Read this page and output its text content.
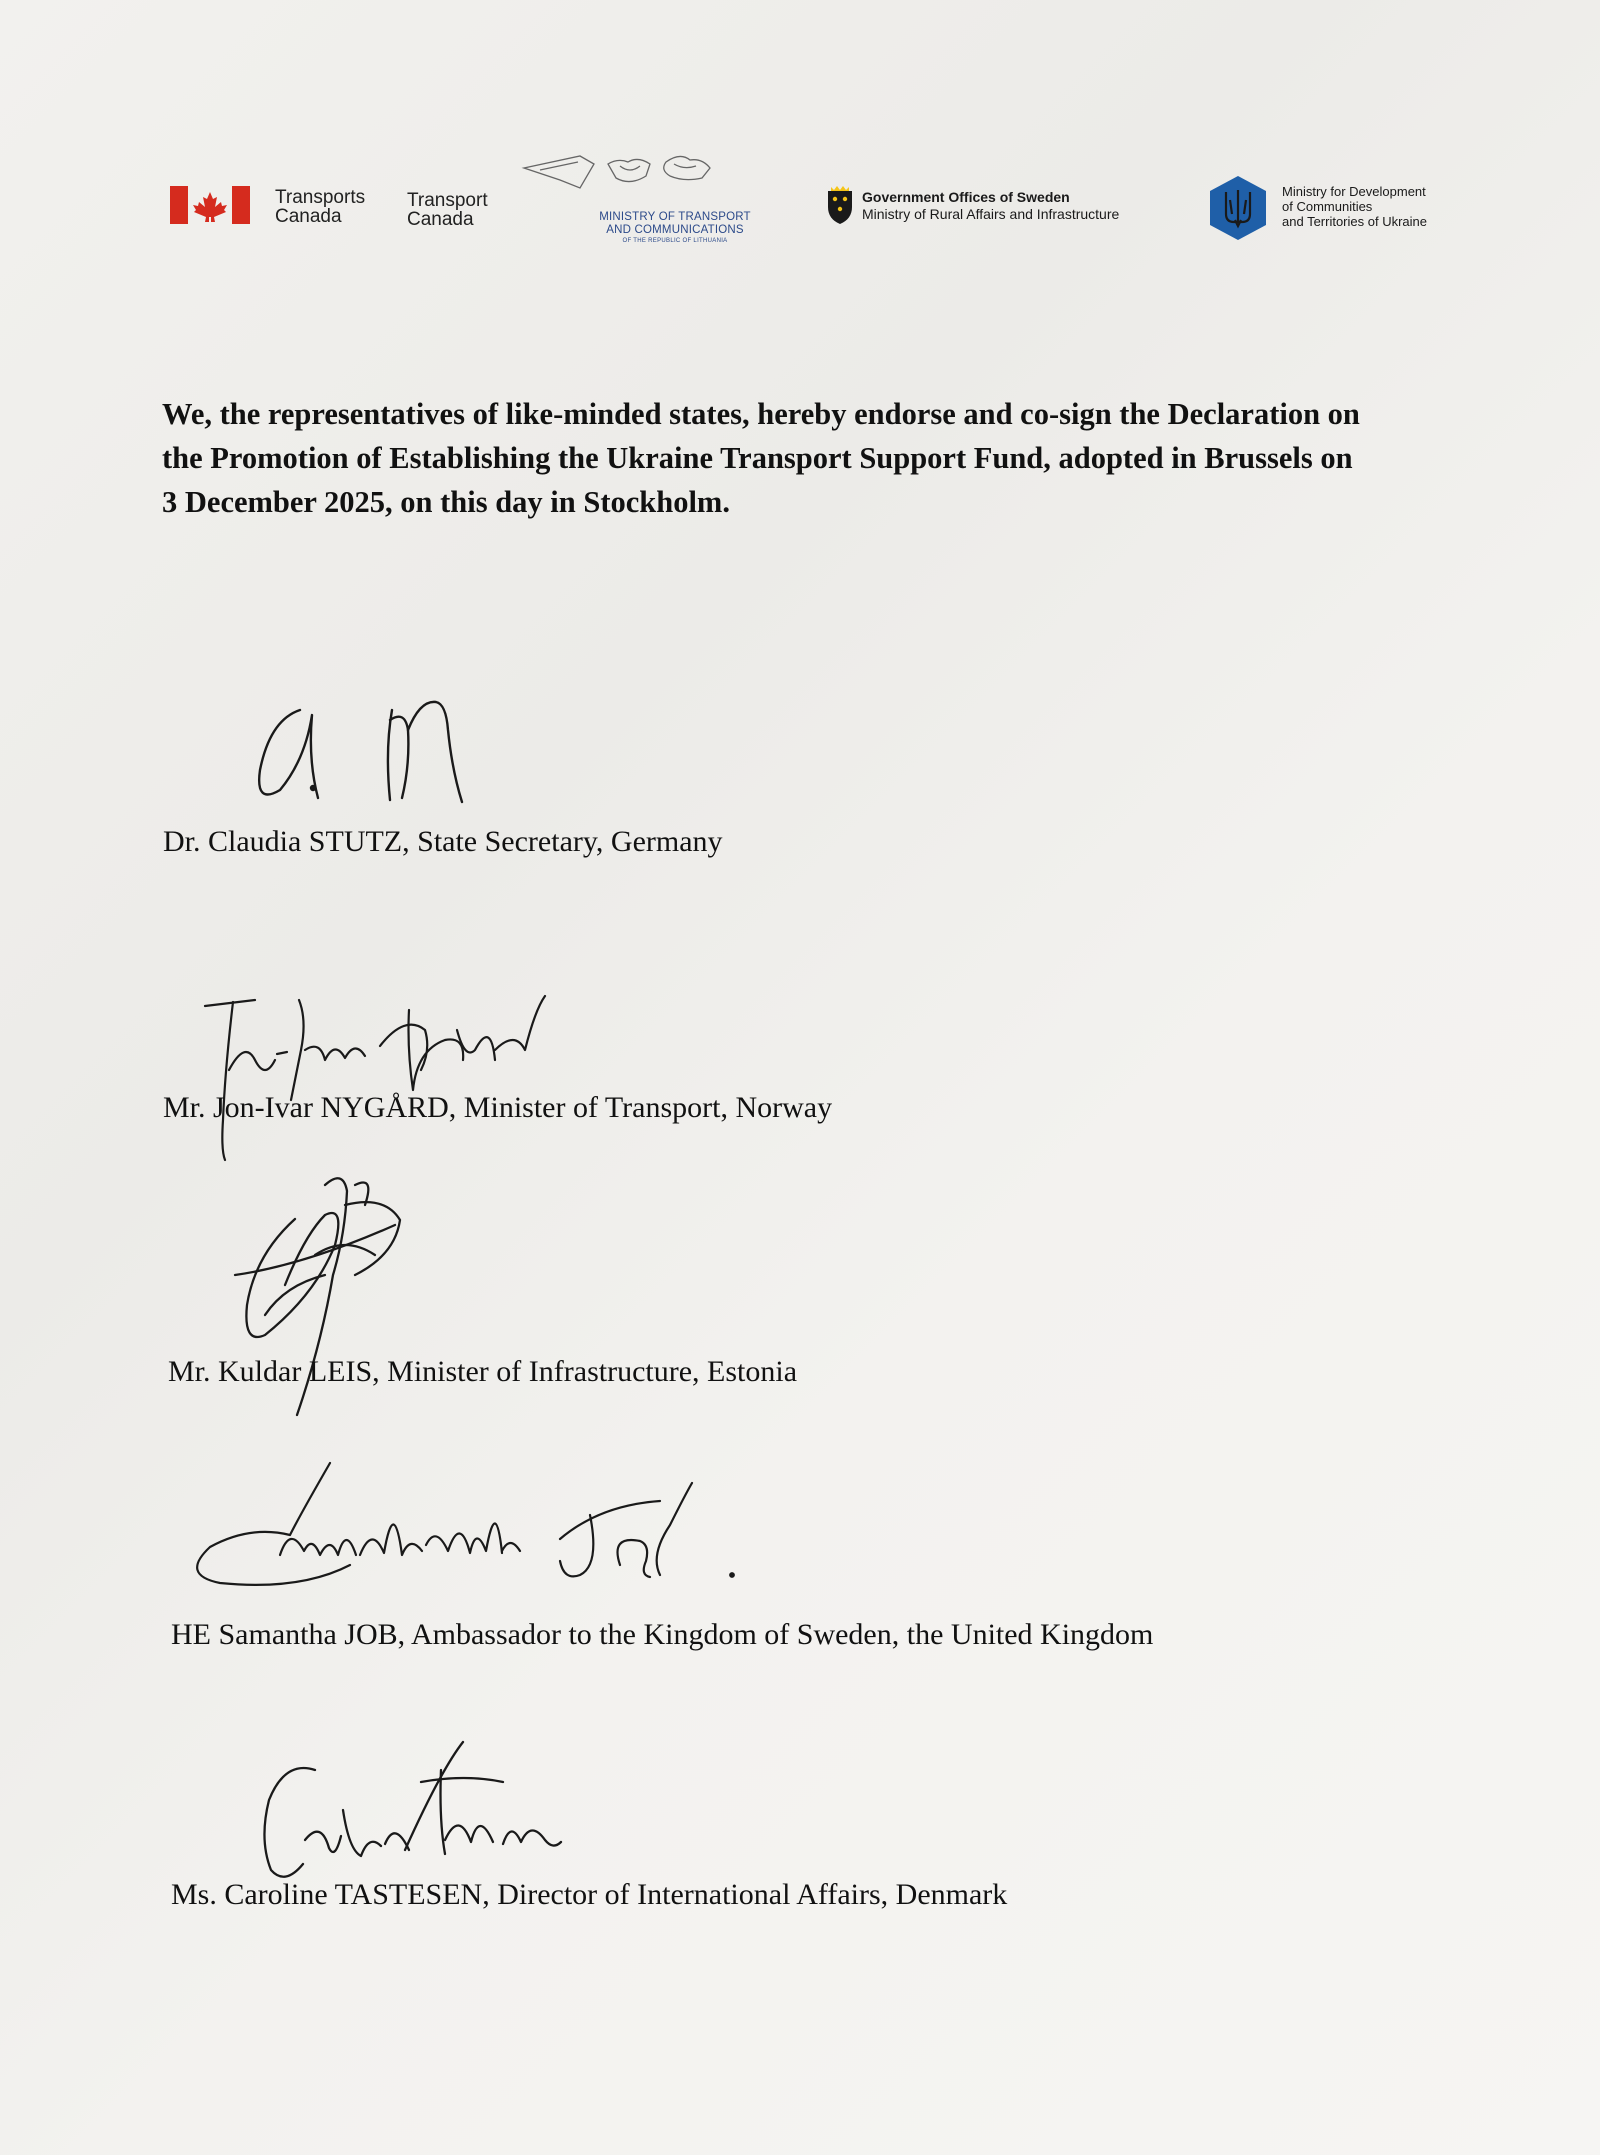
Transports
Canada
Transport
Canada	MINISTRY OF TRANSPORT
AND COMMUNICATIONS
OF THE REPUBLIC OF LITHUANIA
Government Offices of Sweden
Ministry of Rural Affairs and Infrastructure
Ministry for Development
of Communities
and Territories of Ukraine

We, the representatives of like-minded states, hereby endorse and co-sign the Declaration on
the Promotion of Establishing the Ukraine Transport Support Fund, adopted in Brussels on
3 December 2025, on this day in Stockholm.

Dr. Claudia STUTZ, State Secretary, Germany

Mr. Jon-Ivar NYGÅRD, Minister of Transport, Norway

Mr. Kuldar LEIS, Minister of Infrastructure, Estonia

HE Samantha JOB, Ambassador to the Kingdom of Sweden, the United Kingdom

Ms. Caroline TASTESEN, Director of International Affairs, Denmark
